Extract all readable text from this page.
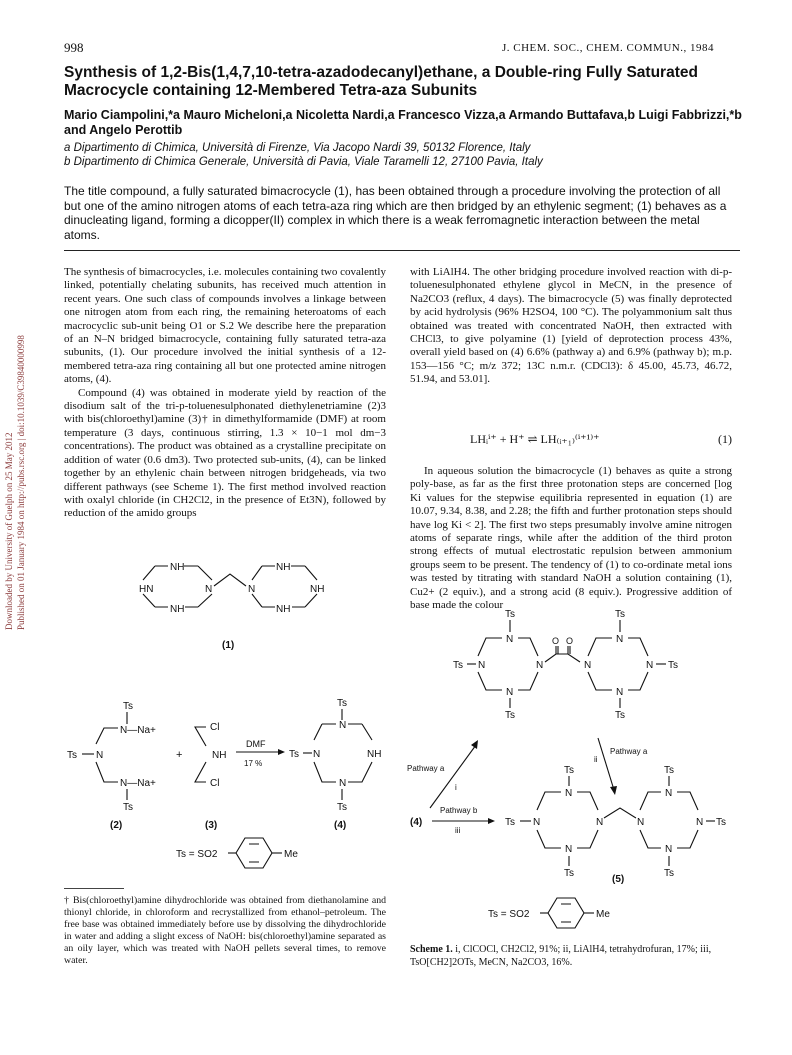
998	J. CHEM. SOC., CHEM. COMMUN., 1984
Synthesis of 1,2-Bis(1,4,7,10-tetra-azadodecanyl)ethane, a Double-ring Fully Saturated Macrocycle containing 12-Membered Tetra-aza Subunits
Mario Ciampolini,*a Mauro Micheloni,a Nicoletta Nardi,a Francesco Vizza,a Armando Buttafava,b Luigi Fabbrizzi,*b and Angelo Perottib
a Dipartimento di Chimica, Università di Firenze, Via Jacopo Nardi 39, 50132 Florence, Italy
b Dipartimento di Chimica Generale, Università di Pavia, Viale Taramelli 12, 27100 Pavia, Italy
The title compound, a fully saturated bimacrocycle (1), has been obtained through a procedure involving the protection of all but one of the amino nitrogen atoms of each tetra-aza ring which are then bridged by an ethylenic segment; (1) behaves as a dinucleating ligand, forming a dicopper(II) complex in which there is a weak ferromagnetic interaction between the metal atoms.
Downloaded by University of Guelph on 25 May 2012 Published on 01 January 1984 on http://pubs.rsc.org | doi:10.1039/C39840000998

The synthesis of bimacrocycles, i.e. molecules containing two covalently linked, potentially chelating subunits, has received much attention in recent years. One such class of compounds involves a linkage between one nitrogen atom from each ring, the remaining heteroatoms of each macrocyclic sub-unit being O1 or S.2 We describe here the preparation of an N–N bridged bimacrocycle, containing fully saturated tetra-aza subunits, (1). Our procedure involved the initial synthesis of a 12-membered tetra-aza ring containing all but one protected amine nitrogen atoms, (4).

Compound (4) was obtained in moderate yield by reaction of the disodium salt of the tri-p-toluenesulphonated diethylenetriamine (2)3 with bis(chloroethyl)amine (3)† in dimethylformamide (DMF) at room temperature (3 days, continuous stirring, 1.3 × 10−1 mol dm−3 concentrations). The product was obtained as a crystalline precipitate on addition of water (0.6 dm3). Two protected sub-units, (4), can be linked together by an ethylenic chain between nitrogen bridgeheads, via two different pathways (see Scheme 1). The first method involved reaction with oxalyl chloride (in CH2Cl2, in the presence of Et3N), followed by reduction of the amido groups

with LiAlH4. The other bridging procedure involved reaction with di-p-toluenesulphonated ethylene glycol in MeCN, in the presence of Na2CO3 (reflux, 4 days). The bimacrocycle (5) was finally deprotected by acid hydrolysis (96% H2SO4, 100 °C). The polyammonium salt thus obtained was treated with concentrated NaOH, then extracted with CHCl3, to give polyamine (1) [yield of deprotection process 43%, overall yield based on (4) 6.6% (pathway a) and 6.9% (pathway b); m.p. 153—156 °C; m/z 372; 13C n.m.r. (CDCl3): δ 45.00, 45.73, 46.72, 51.94, and 53.01].
LHᵢⁱ⁺ + H⁺ ⇌ LH₍ᵢ₊₁₎⁽ⁱ⁺¹⁾⁺	(1)

In aqueous solution the bimacrocycle (1) behaves as quite a strong poly-base, as far as the first three protonation steps are concerned [log Ki values for the stepwise equilibria represented in equation (1) are 10.07, 9.34, 8.38, and 2.28; the fifth and further protonation steps should have log Ki < 2]. The first two steps presumably involve amine nitrogen atoms of separate rings, while after the addition of the third proton strong effects of mutual electrostatic repulsion between ammonium groups seem to be present. The tendency of (1) to co-ordinate metal ions was tested by titrating with standard NaOH a solution containing (1), Cu2+ (2 equiv.), and a strong acid (8 equiv.). Progressive addition of base made the colour

NH
HN	N
NH
NH
N	NH
NH
(1)
Ts
N—Na+
Ts N
N—Na+
Ts
(2)
+
Cl
NH
Cl
(3)
DMF
17 %
Ts
N
Ts N	NH
N
Ts
(4)
Ts = SO2	Me
Ts
N
Ts N	N
N
Ts
O O
Ts
N
N	N Ts
N
Ts
Pathway a
i
Pathway a
ii
(4)
Pathway b
iii
Ts
N
Ts N	N
N
Ts
Ts
N
N	N Ts
N
Ts
(5)
Ts = SO2	Me
† Bis(chloroethyl)amine dihydrochloride was obtained from diethanolamine and thionyl chloride, in chloroform and recrystallized from ethanol–petroleum. The free base was obtained immediately before use by dissolving the dihydrochloride in water and adding a slight excess of NaOH: bis(chloroethyl)amine separated as an oily layer, which was treated with NaOH pellets several times, to remove water.
Scheme 1. i, ClCOCl, CH2Cl2, 91%; ii, LiAlH4, tetrahydrofuran, 17%; iii, TsO[CH2]2OTs, MeCN, Na2CO3, 16%.
